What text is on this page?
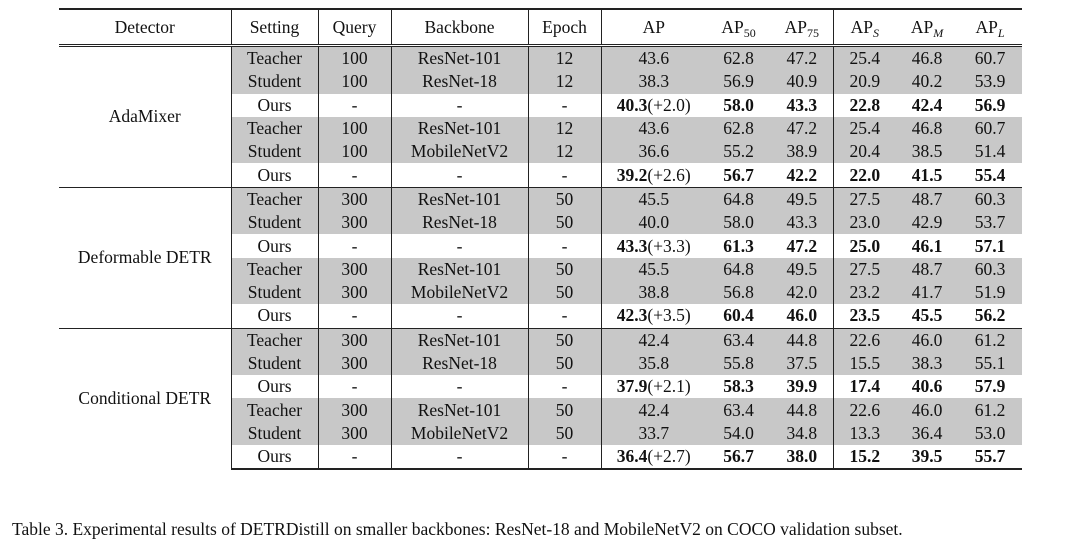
Detector	Setting	Query	Backbone	Epoch	AP	$AP_{50}$	$AP_{75}$	$AP_S$	$AP_M$	$AP_L$
AdaMixer	Teacher	100	ResNet-101	12	43.6	62.8	47.2	25.4	46.8	60.7
	Student	100	ResNet-18	12	38.3	56.9	40.9	20.9	40.2	53.9
	Ours	-	-	-	40.3(+2.0)	58.0	43.3	22.8	42.4	56.9
	Teacher	100	ResNet-101	12	43.6	62.8	47.2	25.4	46.8	60.7
	Student	100	MobileNetV2	12	36.6	55.2	38.9	20.4	38.5	51.4
	Ours	-	-	-	39.2(+2.6)	56.7	42.2	22.0	41.5	55.4
Deformable DETR	Teacher	300	ResNet-101	50	45.5	64.8	49.5	27.5	48.7	60.3
	Student	300	ResNet-18	50	40.0	58.0	43.3	23.0	42.9	53.7
	Ours	-	-	-	43.3(+3.3)	61.3	47.2	25.0	46.1	57.1
	Teacher	300	ResNet-101	50	45.5	64.8	49.5	27.5	48.7	60.3
	Student	300	MobileNetV2	50	38.8	56.8	42.0	23.2	41.7	51.9
	Ours	-	-	-	42.3(+3.5)	60.4	46.0	23.5	45.5	56.2
Conditional DETR	Teacher	300	ResNet-101	50	42.4	63.4	44.8	22.6	46.0	61.2
	Student	300	ResNet-18	50	35.8	55.8	37.5	15.5	38.3	55.1
	Ours	-	-	-	37.9(+2.1)	58.3	39.9	17.4	40.6	57.9
	Teacher	300	ResNet-101	50	42.4	63.4	44.8	22.6	46.0	61.2
	Student	300	MobileNetV2	50	33.7	54.0	34.8	13.3	36.4	53.0
	Ours	-	-	-	36.4(+2.7)	56.7	38.0	15.2	39.5	55.7
Table 3. Experimental results of DETRDistill on smaller backbones: ResNet-18 and MobileNetV2 on COCO validation subset.
